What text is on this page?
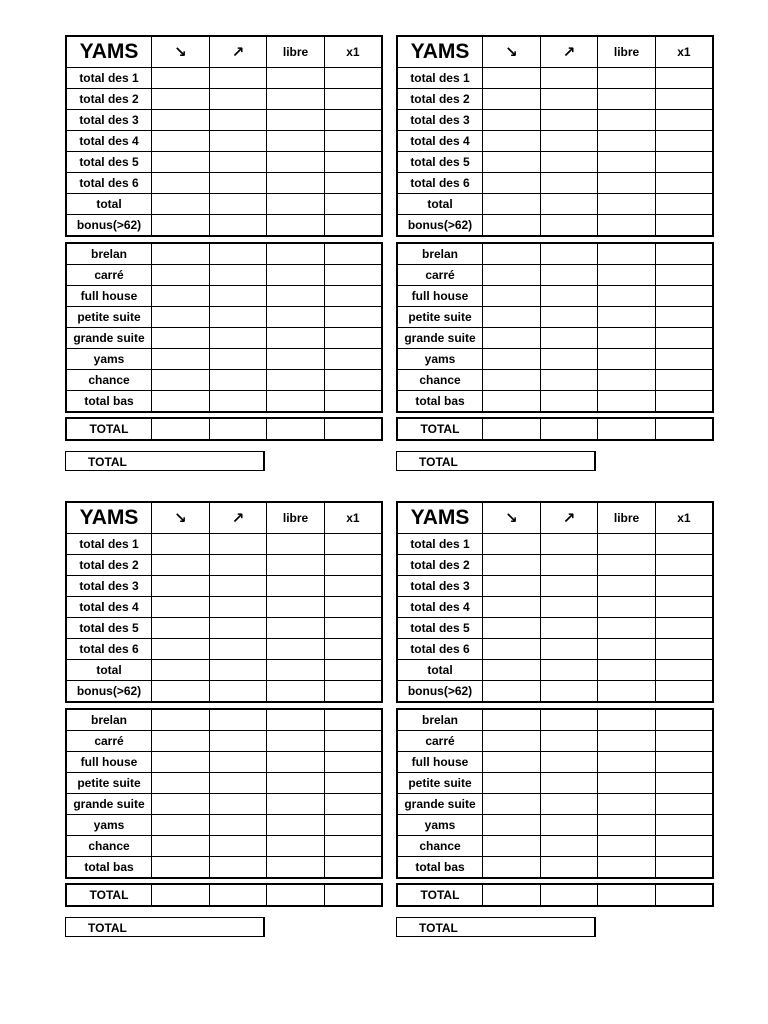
YAMS	↘	↗	libre	x1
total des 1				
total des 2				
total des 3				
total des 4				
total des 5				
total des 6				
total				
bonus(>62)				
brelan				
carré				
full house				
petite suite				
grande suite				
yams				
chance				
total bas				
TOTAL				
TOTAL
YAMS	↘	↗	libre	x1
total des 1				
total des 2				
total des 3				
total des 4				
total des 5				
total des 6				
total				
bonus(>62)				
brelan				
carré				
full house				
petite suite				
grande suite				
yams				
chance				
total bas				
TOTAL				
TOTAL
YAMS	↘	↗	libre	x1
total des 1				
total des 2				
total des 3				
total des 4				
total des 5				
total des 6				
total				
bonus(>62)				
brelan				
carré				
full house				
petite suite				
grande suite				
yams				
chance				
total bas				
TOTAL				
TOTAL
YAMS	↘	↗	libre	x1
total des 1				
total des 2				
total des 3				
total des 4				
total des 5				
total des 6				
total				
bonus(>62)				
brelan				
carré				
full house				
petite suite				
grande suite				
yams				
chance				
total bas				
TOTAL				
TOTAL
